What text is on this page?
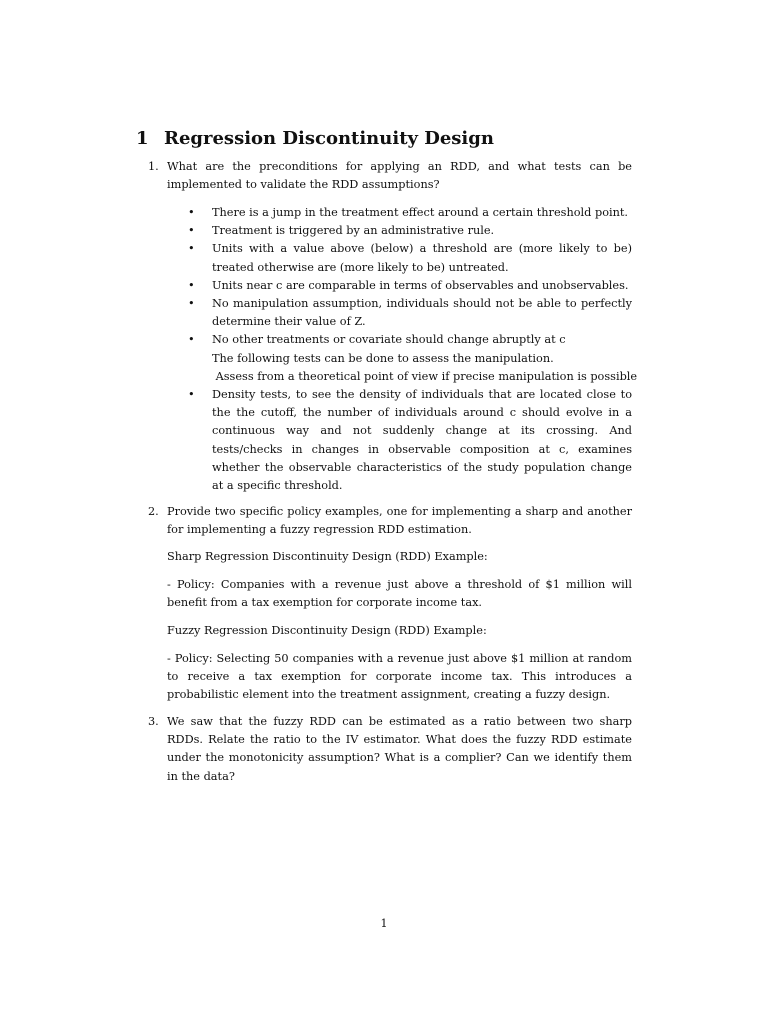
1 Regression Discontinuity Design
1. What are the preconditions for applying an RDD, and what tests can be implemented to validate the RDD assumptions?
• There is a jump in the treatment effect around a certain threshold point.
• Treatment is triggered by an administrative rule.
• Units with a value above (below) a threshold are (more likely to be) treated otherwise are (more likely to be) untreated.
• Units near c are comparable in terms of observables and unobservables.
• No manipulation assumption, individuals should not be able to perfectly determine their value of Z.
• No other treatments or covariate should change abruptly at c
The following tests can be done to assess the manipulation.
Assess from a theoretical point of view if precise manipulation is possible
• Density tests, to see the density of individuals that are located close to the the cutoff, the number of individuals around c should evolve in a continuous way and not suddenly change at its crossing. And tests/checks in changes in observable composition at c, examines whether the observable characteristics of the study population change at a specific threshold.
2. Provide two specific policy examples, one for implementing a sharp and another for implementing a fuzzy regression RDD estimation.
Sharp Regression Discontinuity Design (RDD) Example:
- Policy: Companies with a revenue just above a threshold of $1 million will benefit from a tax exemption for corporate income tax.
Fuzzy Regression Discontinuity Design (RDD) Example:
- Policy: Selecting 50 companies with a revenue just above $1 million at random to receive a tax exemption for corporate income tax. This introduces a probabilistic element into the treatment assignment, creating a fuzzy design.
3. We saw that the fuzzy RDD can be estimated as a ratio between two sharp RDDs. Relate the ratio to the IV estimator. What does the fuzzy RDD estimate under the monotonicity assumption? What is a complier? Can we identify them in the data?
1
